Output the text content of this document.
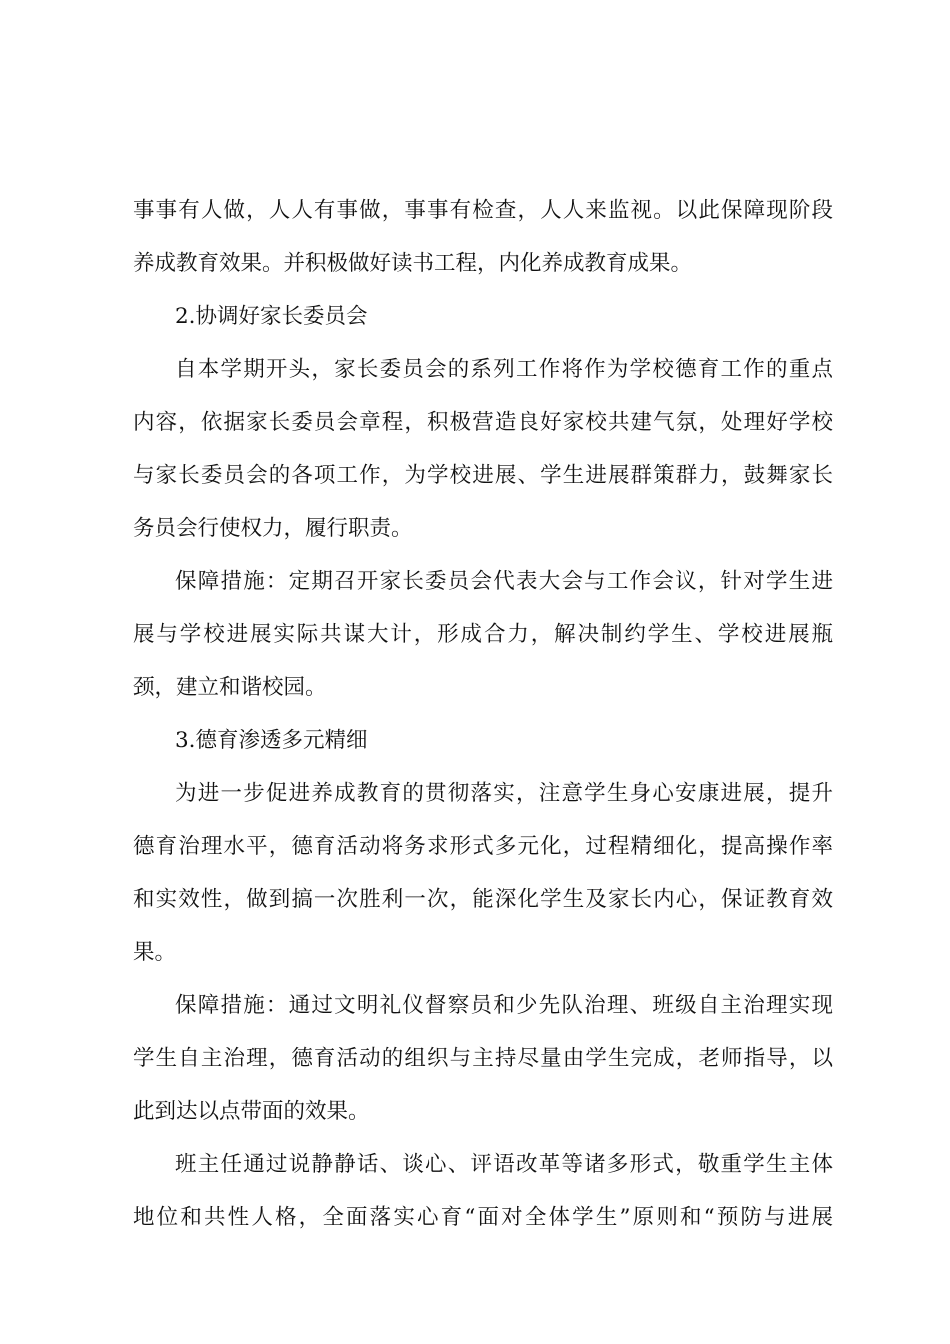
事事有人做，人人有事做，事事有检查，人人来监视。以此保障现阶段
养成教育效果。并积极做好读书工程，内化养成教育成果。
2.协调好家长委员会
自本学期开头，家长委员会的系列工作将作为学校德育工作的重点
内容，依据家长委员会章程，积极营造良好家校共建气氛，处理好学校
与家长委员会的各项工作，为学校进展、学生进展群策群力，鼓舞家长
务员会行使权力，履行职责。
保障措施：定期召开家长委员会代表大会与工作会议，针对学生进
展与学校进展实际共谋大计，形成合力，解决制约学生、学校进展瓶
颈，建立和谐校园。
3.德育渗透多元精细
为进一步促进养成教育的贯彻落实，注意学生身心安康进展，提升
德育治理水平，德育活动将务求形式多元化，过程精细化，提高操作率
和实效性，做到搞一次胜利一次，能深化学生及家长内心，保证教育效
果。
保障措施：通过文明礼仪督察员和少先队治理、班级自主治理实现
学生自主治理，德育活动的组织与主持尽量由学生完成，老师指导，以
此到达以点带面的效果。
班主任通过说静静话、谈心、评语改革等诸多形式，敬重学生主体
地位和共性人格，全面落实心育“面对全体学生”原则和“预防与进展
